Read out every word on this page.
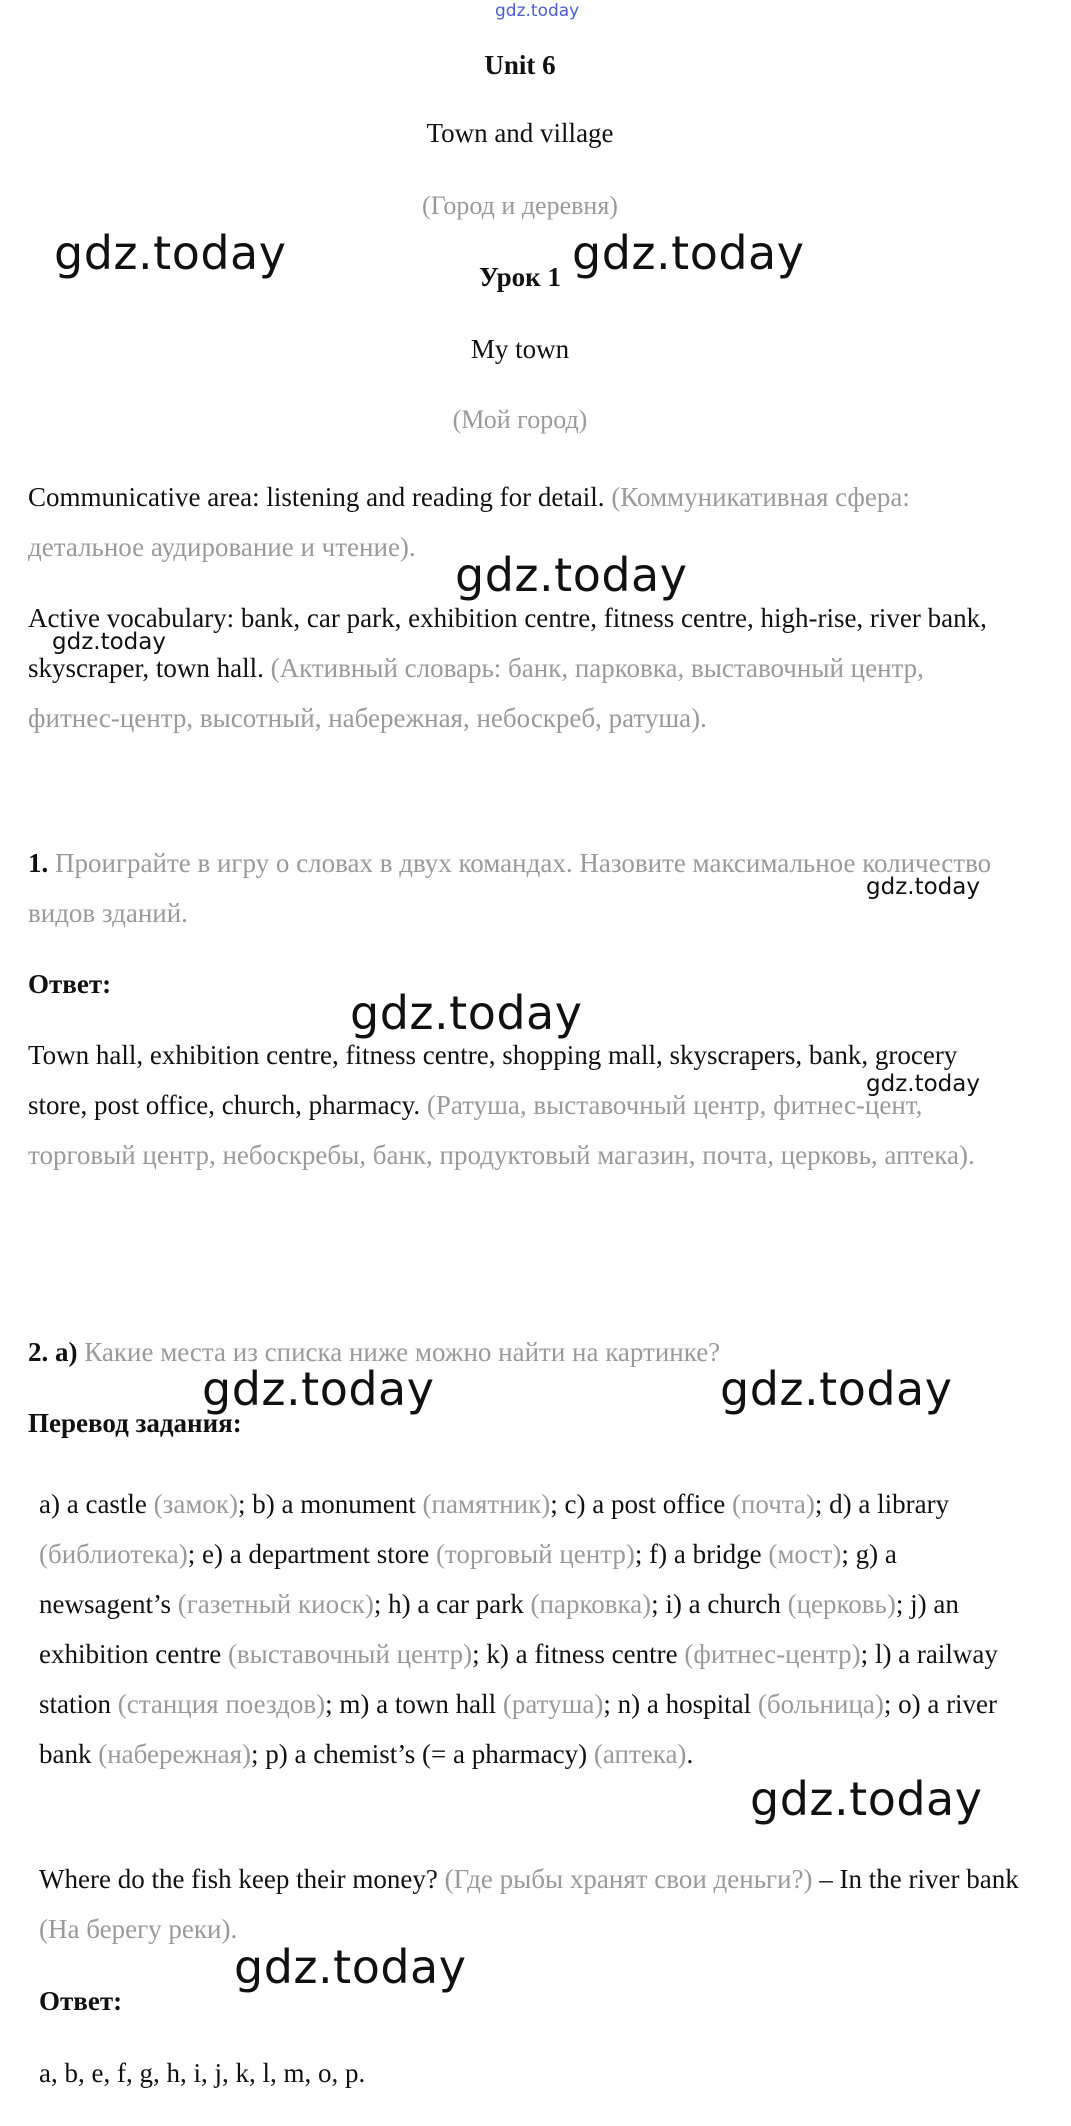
gdz.today
gdz.today	gdz.today
gdz.today
gdz.today
gdz.today
gdz.today
gdz.today
gdz.today	gdz.today
gdz.today
gdz.today
Unit 6
Town and village
(Город и деревня)
Урок 1
My town
(Мой город)

Communicative area: listening and reading for detail. (Коммуникативная сфера: детальное аудирование и чтение).

Active vocabulary: bank, car park, exhibition centre, fitness centre, high-rise, river bank, skyscraper, town hall. (Активный словарь: банк, парковка, выставочный центр, фитнес-центр, высотный, набережная, небоскреб, ратуша).

1. Проиграйте в игру о словах в двух командах. Назовите максимальное количество видов зданий.

Ответ:

Town hall, exhibition centre, fitness centre, shopping mall, skyscrapers, bank, grocery store, post office, church, pharmacy. (Ратуша, выставочный центр, фитнес-цент, торговый центр, небоскребы, банк, продуктовый магазин, почта, церковь, аптека).

2. a) Какие места из списка ниже можно найти на картинке?

Перевод задания:

a) a castle (замок); b) a monument (памятник); c) a post office (почта); d) a library (библиотека); e) a department store (торговый центр); f) a bridge (мост); g) a newsagent’s (газетный киоск); h) a car park (парковка); i) a church (церковь); j) an exhibition centre (выставочный центр); k) a fitness centre (фитнес-центр); l) a railway station (станция поездов); m) a town hall (ратуша); n) a hospital (больница); o) a river bank (набережная); p) a chemist’s (= a pharmacy) (аптека).

Where do the fish keep their money? (Где рыбы хранят свои деньги?) – In the river bank (На берегу реки).

Ответ:
a, b, e, f, g, h, i, j, k, l, m, o, p.
